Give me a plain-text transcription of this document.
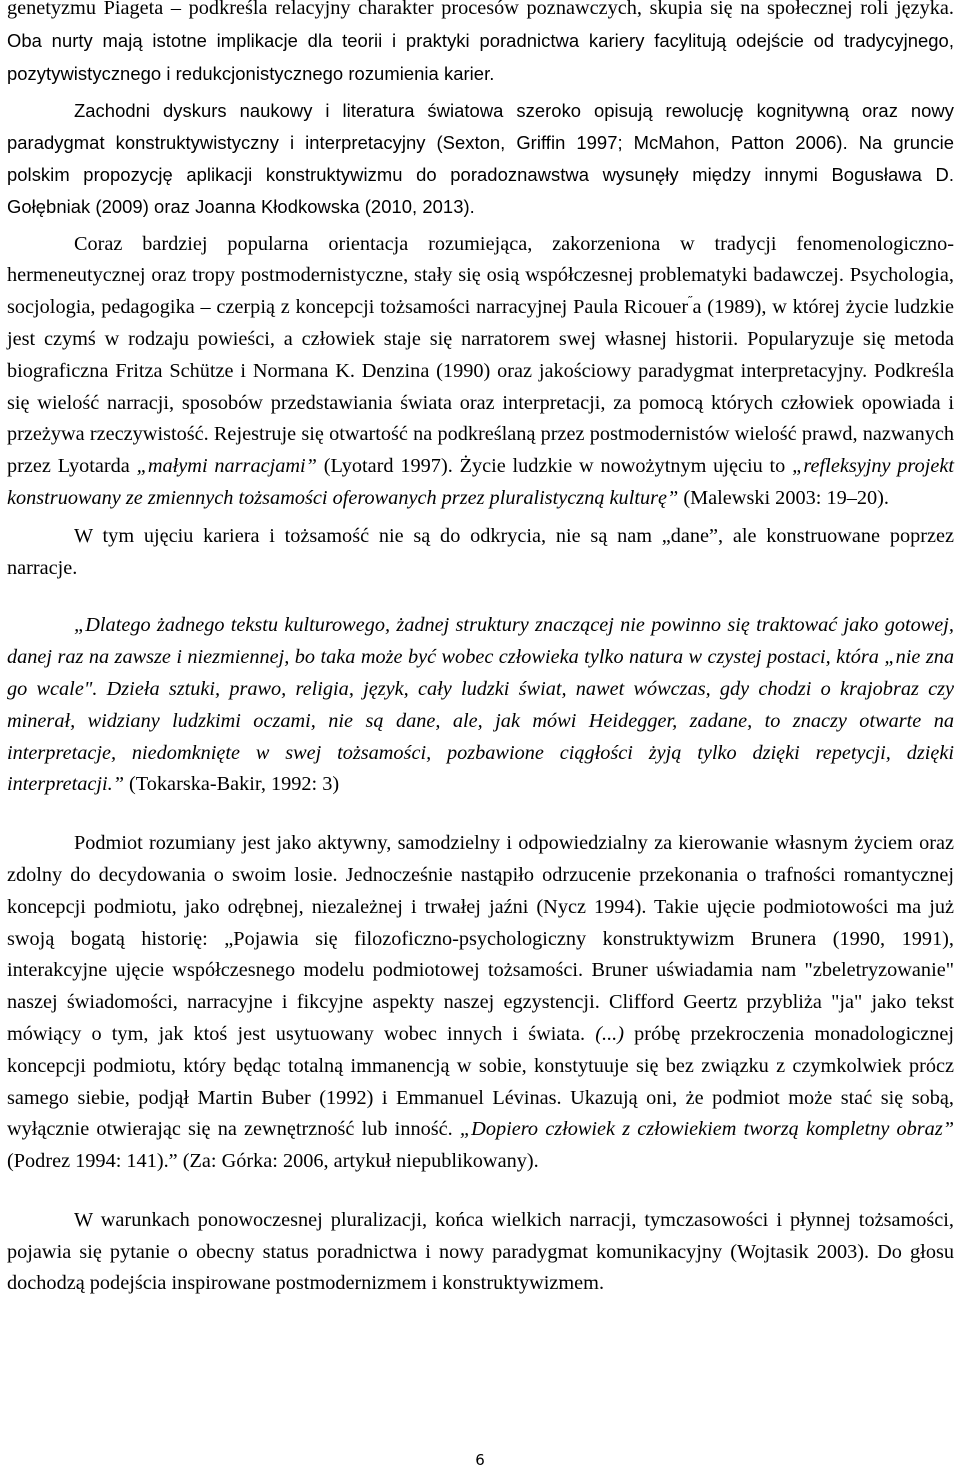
genetyzmu Piageta – podkreśla relacyjny charakter procesów poznawczych, skupia się na społecznej roli języka. Oba nurty mają istotne implikacje dla teorii i praktyki poradnictwa kariery facylitują odejście od tradycyjnego, pozytywistycznego i redukcjonistycznego rozumienia karier.

Zachodni dyskurs naukowy i literatura światowa szeroko opisują rewolucję kognitywną oraz nowy paradygmat konstruktywistyczny i interpretacyjny (Sexton, Griffin 1997; McMahon, Patton 2006). Na gruncie polskim propozycję aplikacji konstruktywizmu do poradoznawstwa wysunęły między innymi Bogusława D. Gołębniak (2009) oraz Joanna Kłodkowska (2010, 2013).

Coraz bardziej popularna orientacja rozumiejąca, zakorzeniona w tradycji fenomenologiczno-hermeneutycznej oraz tropy postmodernistyczne, stały się osią współczesnej problematyki badawczej. Psychologia, socjologia, pedagogika – czerpią z koncepcji tożsamości narracyjnej Paula Ricouer˝a (1989), w której życie ludzkie jest czymś w rodzaju powieści, a człowiek staje się narratorem swej własnej historii. Popularyzuje się metoda biograficzna Fritza Schütze i Normana K. Denzina (1990) oraz jakościowy paradygmat interpretacyjny. Podkreśla się wielość narracji, sposobów przedstawiania świata oraz interpretacji, za pomocą których człowiek opowiada i przeżywa rzeczywistość. Rejestruje się otwartość na podkreślaną przez postmodernistów wielość prawd, nazwanych przez Lyotarda „małymi narracjami” (Lyotard 1997). Życie ludzkie w nowożytnym ujęciu to „refleksyjny projekt konstruowany ze zmiennych tożsamości oferowanych przez pluralistyczną kulturę” (Malewski 2003: 19–20).

W tym ujęciu kariera i tożsamość nie są do odkrycia, nie są nam „dane”, ale konstruowane poprzez narracje.

„Dlatego żadnego tekstu kulturowego, żadnej struktury znaczącej nie powinno się traktować jako gotowej, danej raz na zawsze i niezmiennej, bo taka może być wobec człowieka tylko natura w czystej postaci, która „nie zna go wcale". Dzieła sztuki, prawo, religia, język, cały ludzki świat, nawet wówczas, gdy chodzi o krajobraz czy minerał, widziany ludzkimi oczami, nie są dane, ale, jak mówi Heidegger, zadane, to znaczy otwarte na interpretacje, niedomknięte w swej tożsamości, pozbawione ciągłości żyją tylko dzięki repetycji, dzięki interpretacji.” (Tokarska-Bakir, 1992: 3)

Podmiot rozumiany jest jako aktywny, samodzielny i odpowiedzialny za kierowanie własnym życiem oraz zdolny do decydowania o swoim losie. Jednocześnie nastąpiło odrzucenie przekonania o trafności romantycznej koncepcji podmiotu, jako odrębnej, niezależnej i trwałej jaźni (Nycz 1994). Takie ujęcie podmiotowości ma już swoją bogatą historię: „Pojawia się filozoficzno-psychologiczny konstruktywizm Brunera (1990, 1991), interakcyjne ujęcie współczesnego modelu podmiotowej tożsamości. Bruner uświadamia nam "zbeletryzowanie" naszej świadomości, narracyjne i fikcyjne aspekty naszej egzystencji. Clifford Geertz przybliża "ja" jako tekst mówiący o tym, jak ktoś jest usytuowany wobec innych i świata. (...) próbę przekroczenia monadologicznej koncepcji podmiotu, który będąc totalną immanencją w sobie, konstytuuje się bez związku z czymkolwiek prócz samego siebie, podjął Martin Buber (1992) i Emmanuel Lévinas. Ukazują oni, że podmiot może stać się sobą, wyłącznie otwierając się na zewnętrzność lub inność. „Dopiero człowiek z człowiekiem tworzą kompletny obraz” (Podrez 1994: 141).” (Za: Górka: 2006, artykuł niepublikowany).

W warunkach ponowoczesnej pluralizacji, końca wielkich narracji, tymczasowości i płynnej tożsamości, pojawia się pytanie o obecny status poradnictwa i nowy paradygmat komunikacyjny (Wojtasik 2003). Do głosu dochodzą podejścia inspirowane postmodernizmem i konstruktywizmem.

6
